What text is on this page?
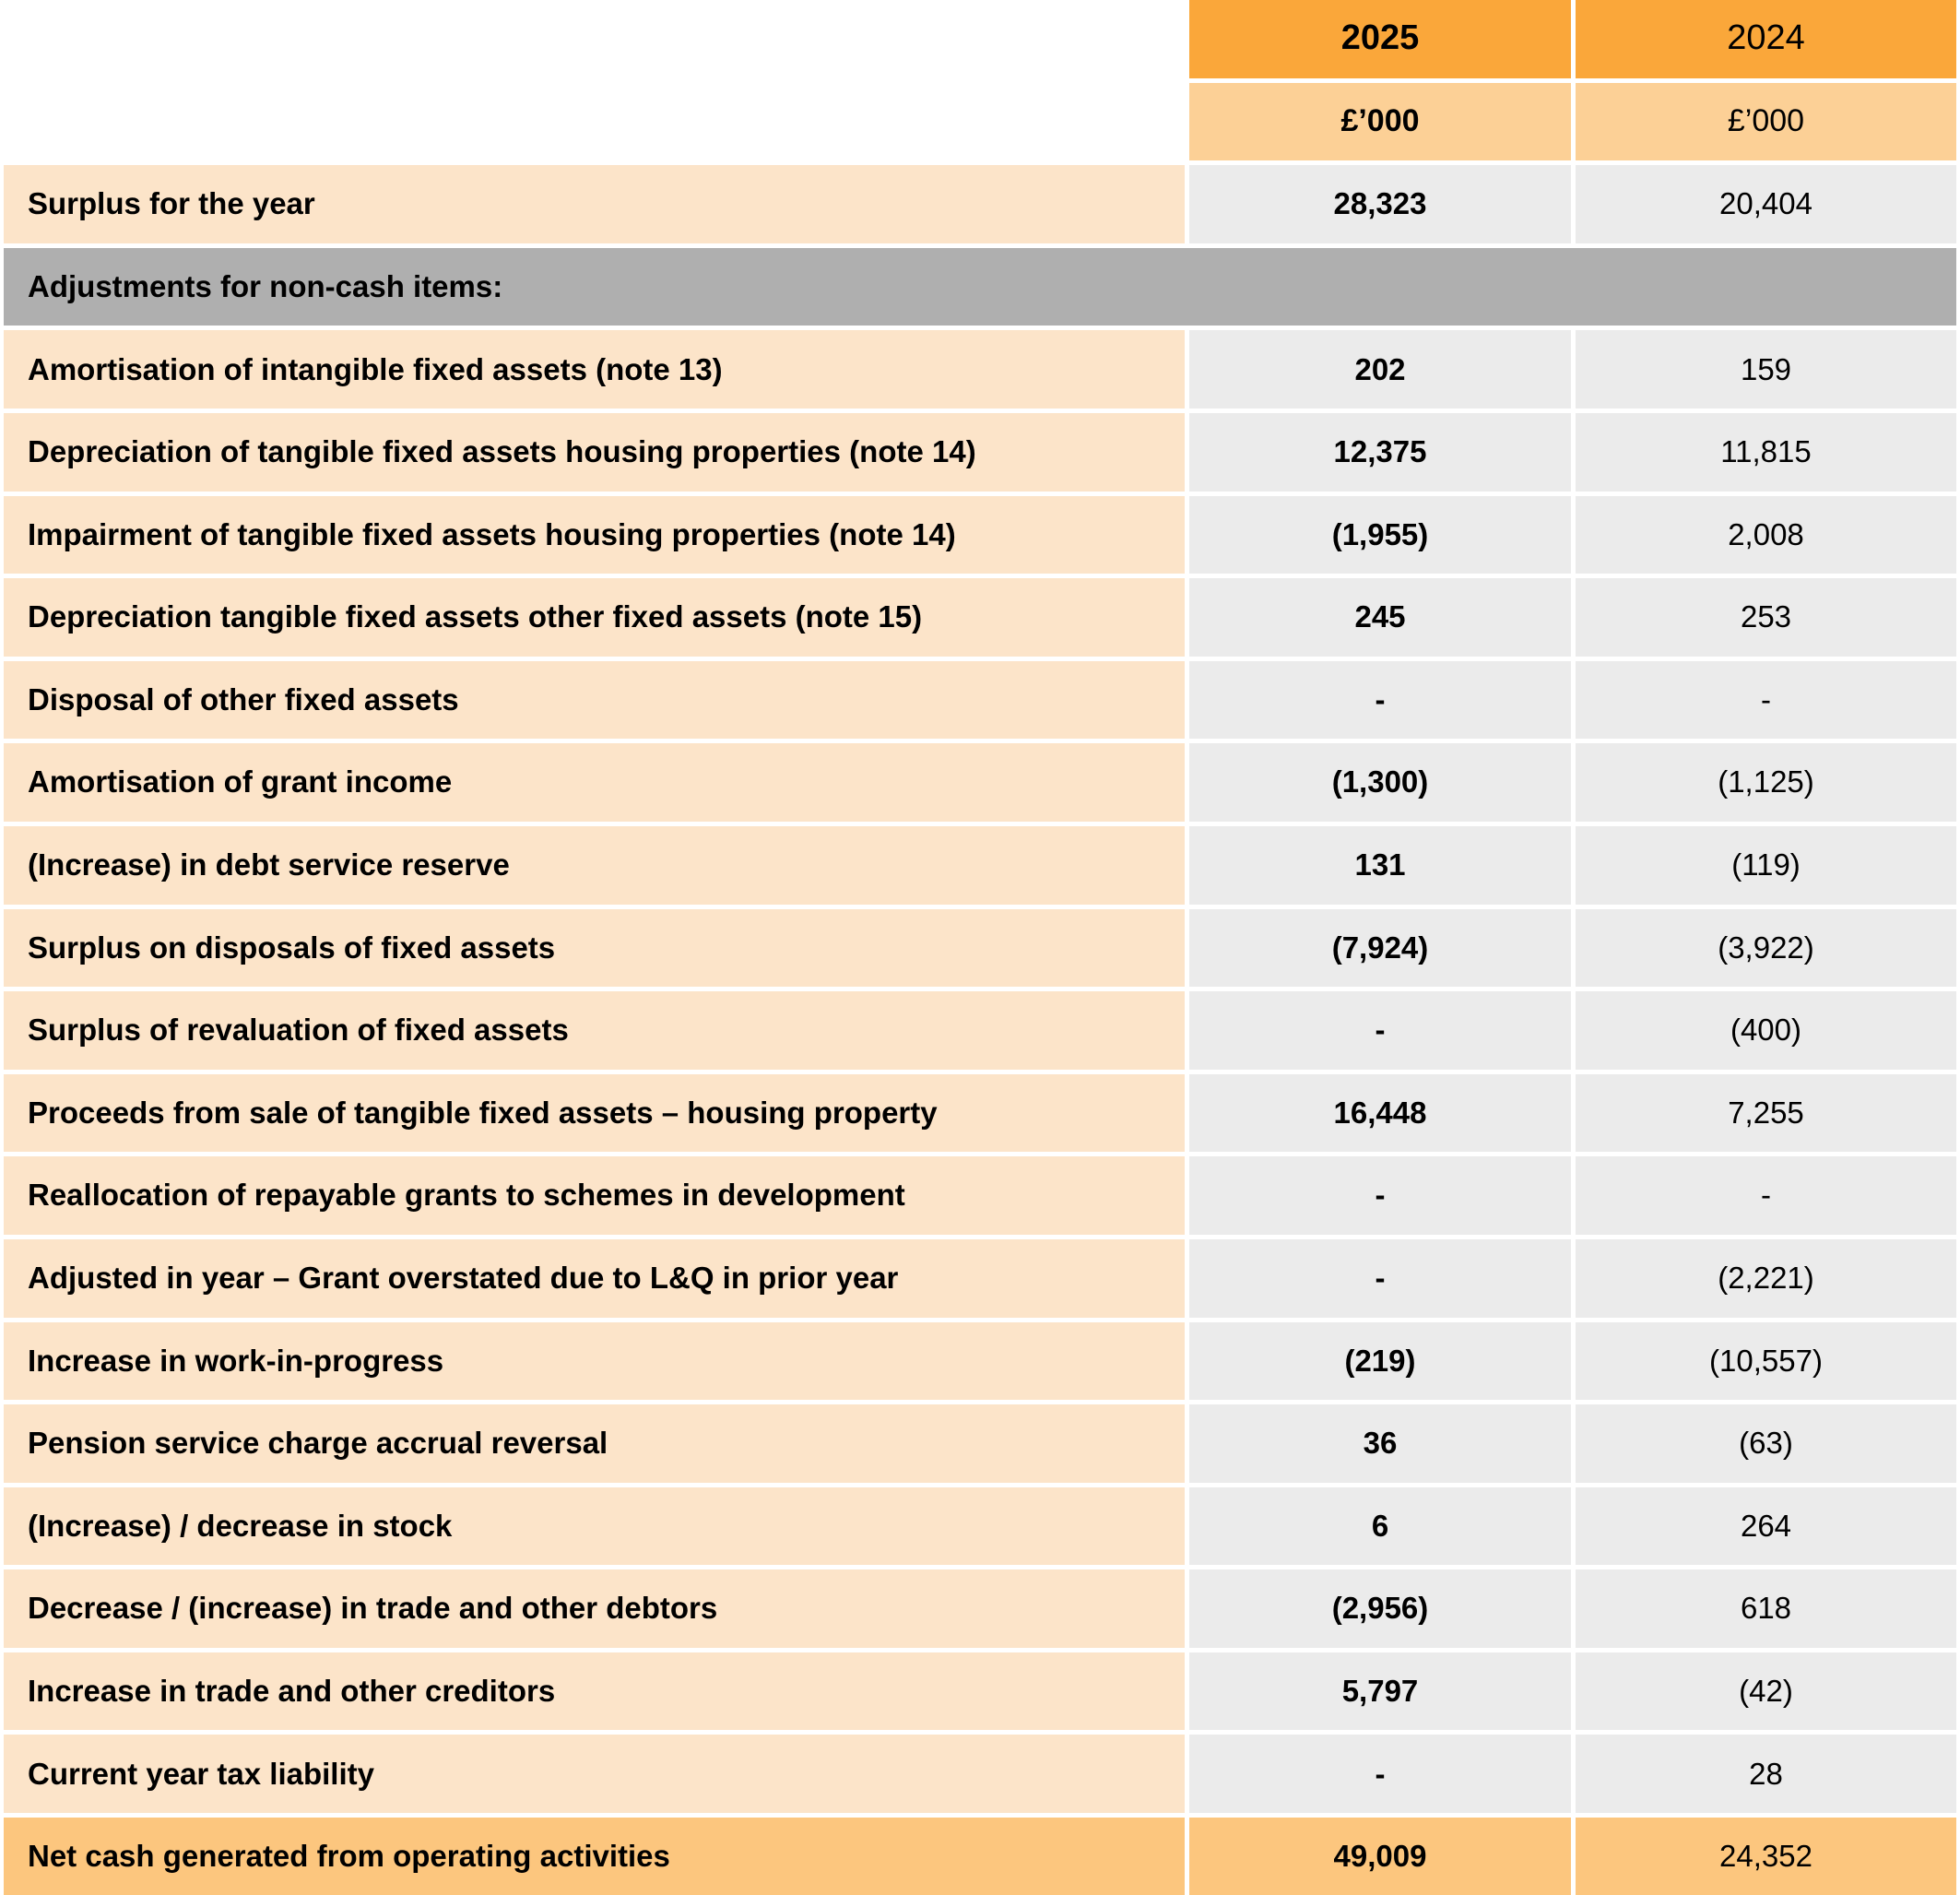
2025	2024
£’000	£’000
Surplus for the year	28,323	20,404
Adjustments for non-cash items:
Amortisation of intangible fixed assets (note 13)	202	159
Depreciation of tangible fixed assets housing properties (note 14)	12,375	11,815
Impairment of tangible fixed assets housing properties (note 14)	(1,955)	2,008
Depreciation tangible fixed assets other fixed assets (note 15)	245	253
Disposal of other fixed assets	-	-
Amortisation of grant income	(1,300)	(1,125)
(Increase) in debt service reserve	131	(119)
Surplus on disposals of fixed assets	(7,924)	(3,922)
Surplus of revaluation of fixed assets	-	(400)
Proceeds from sale of tangible fixed assets – housing property	16,448	7,255
Reallocation of repayable grants to schemes in development	-	-
Adjusted in year – Grant overstated due to L&Q in prior year	-	(2,221)
Increase in work-in-progress	(219)	(10,557)
Pension service charge accrual reversal	36	(63)
(Increase) / decrease in stock	6	264
Decrease / (increase) in trade and other debtors	(2,956)	618
Increase in trade and other creditors	5,797	(42)
Current year tax liability	-	28
Net cash generated from operating activities	49,009	24,352
